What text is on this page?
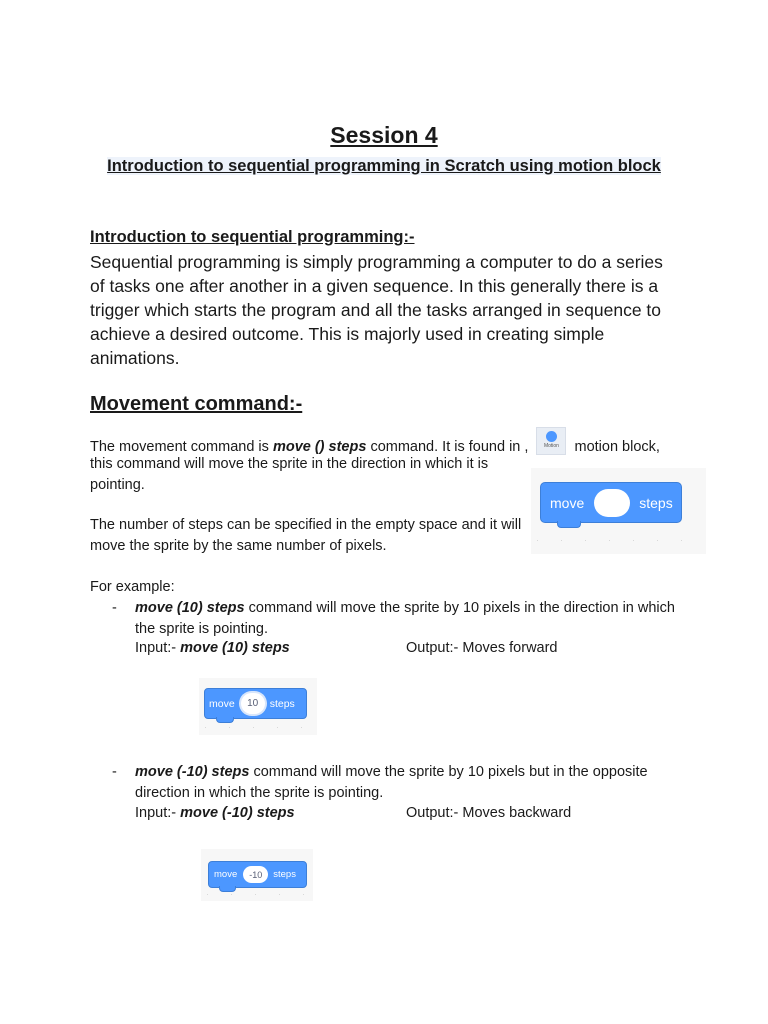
Session 4
Introduction to sequential programming in Scratch using motion block
Introduction to sequential programming:-
Sequential programming is simply programming a computer to do a series of tasks one after another in a given sequence. In this generally there is a trigger which starts the program and all the tasks arranged in sequence to achieve a desired outcome. This is majorly used in creating simple animations.
Movement command:-
The movement command is move () steps command. It is found in ,	Motion	motion block,
this command will move the sprite in the direction in which it is pointing.
move	steps
The number of steps can be specified in the empty space and it will move the sprite by the same number of pixels.
For example:
- move (10) steps command will move the sprite by 10 pixels in the direction in which the sprite is pointing.
Input:- move (10) steps	Output:- Moves forward
move	10	steps
- move (-10) steps command will move the sprite by 10 pixels but in the opposite direction in which the sprite is pointing.
Input:- move (-10) steps	Output:- Moves backward
move	-10	steps
